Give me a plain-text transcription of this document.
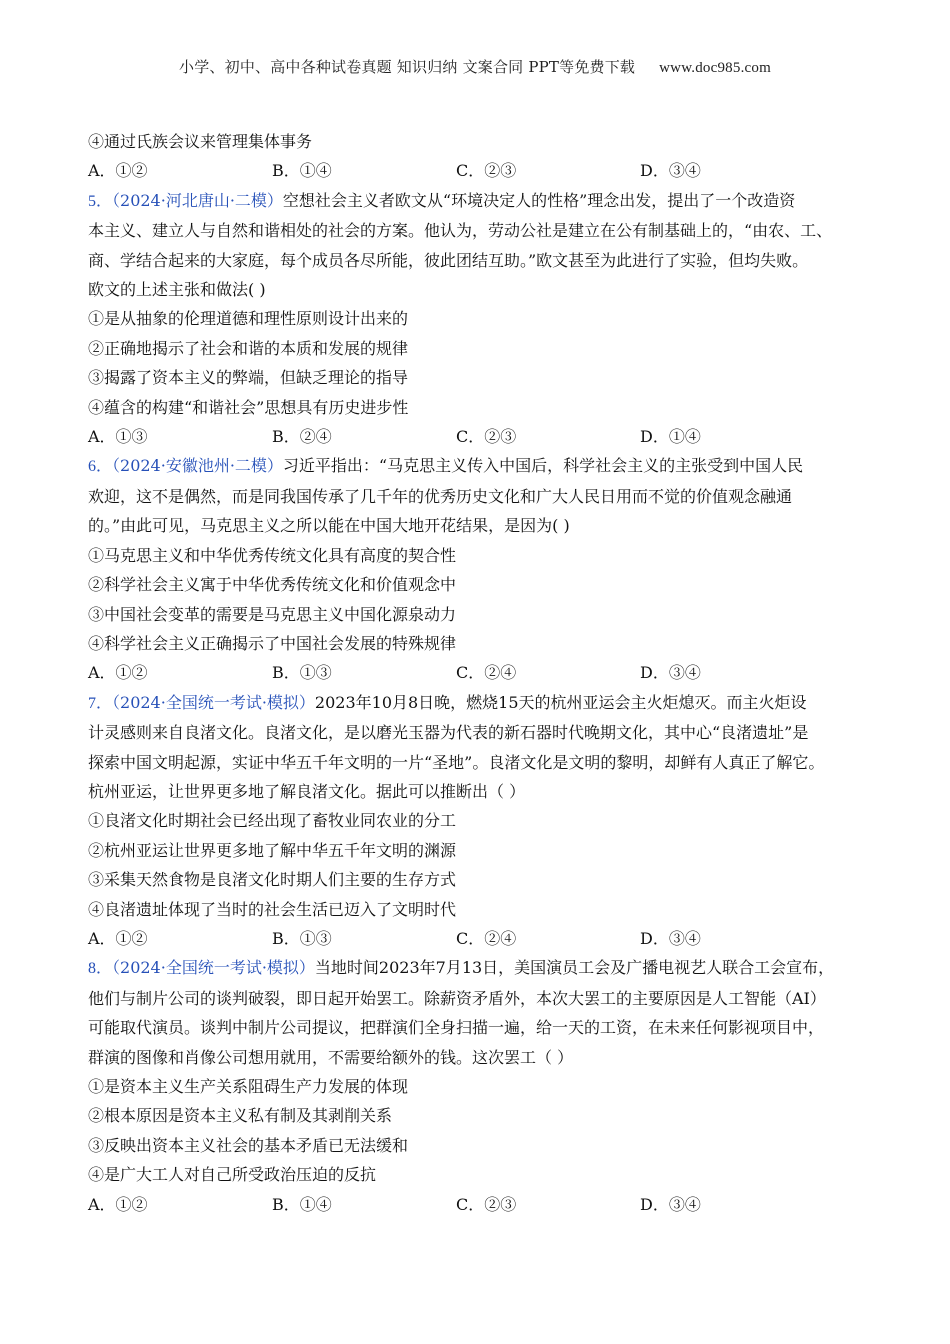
小学、初中、高中各种试卷真题 知识归纳 文案合同 PPT等免费下载 www.doc985.com
④通过氏族会议来管理集体事务
A．①②	B．①④	C．②③	D．③④
5．（2024·河北唐山·二模）空想社会主义者欧文从“环境决定人的性格”理念出发，提出了一个改造资
本主义、建立人与自然和谐相处的社会的方案。他认为，劳动公社是建立在公有制基础上的，“由农、工、
商、学结合起来的大家庭，每个成员各尽所能，彼此团结互助。”欧文甚至为此进行了实验，但均失败。
欧文的上述主张和做法( )
①是从抽象的伦理道德和理性原则设计出来的
②正确地揭示了社会和谐的本质和发展的规律
③揭露了资本主义的弊端，但缺乏理论的指导
④蕴含的构建“和谐社会”思想具有历史进步性
A．①③	B．②④	C．②③	D．①④
6．（2024·安徽池州·二模）习近平指出：“马克思主义传入中国后，科学社会主义的主张受到中国人民
欢迎，这不是偶然，而是同我国传承了几千年的优秀历史文化和广大人民日用而不觉的价值观念融通
的。”由此可见，马克思主义之所以能在中国大地开花结果，是因为( )
①马克思主义和中华优秀传统文化具有高度的契合性
②科学社会主义寓于中华优秀传统文化和价值观念中
③中国社会变革的需要是马克思主义中国化源泉动力
④科学社会主义正确揭示了中国社会发展的特殊规律
A．①②	B．①③	C．②④	D．③④
7．（2024·全国统一考试·模拟）2023年10月8日晚，燃烧15天的杭州亚运会主火炬熄灭。而主火炬设
计灵感则来自良渚文化。良渚文化，是以磨光玉器为代表的新石器时代晚期文化，其中心“良渚遗址”是
探索中国文明起源，实证中华五千年文明的一片“圣地”。良渚文化是文明的黎明，却鲜有人真正了解它。
杭州亚运，让世界更多地了解良渚文化。据此可以推断出（ ）
①良渚文化时期社会已经出现了畜牧业同农业的分工
②杭州亚运让世界更多地了解中华五千年文明的渊源
③采集天然食物是良渚文化时期人们主要的生存方式
④良渚遗址体现了当时的社会生活已迈入了文明时代
A．①②	B．①③	C．②④	D．③④
8．（2024·全国统一考试·模拟）当地时间2023年7月13日，美国演员工会及广播电视艺人联合工会宣布，
他们与制片公司的谈判破裂，即日起开始罢工。除薪资矛盾外，本次大罢工的主要原因是人工智能（AI）
可能取代演员。谈判中制片公司提议，把群演们全身扫描一遍，给一天的工资，在未来任何影视项目中，
群演的图像和肖像公司想用就用，不需要给额外的钱。这次罢工（ ）
①是资本主义生产关系阻碍生产力发展的体现
②根本原因是资本主义私有制及其剥削关系
③反映出资本主义社会的基本矛盾已无法缓和
④是广大工人对自己所受政治压迫的反抗
A．①②	B．①④	C．②③	D．③④
